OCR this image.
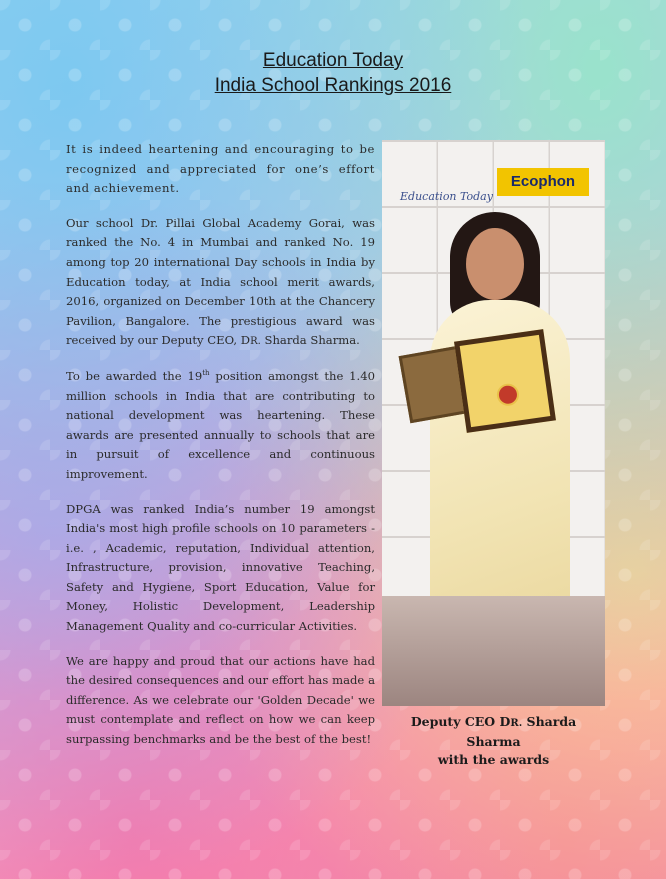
Education Today
India School Rankings 2016

It is indeed heartening and encouraging to be recognized and appreciated for one’s effort and achievement.

Our school Dr. Pillai Global Academy Gorai, was ranked the No. 4 in Mumbai and ranked No. 19 among top 20 international Day schools in India by Education today, at India school merit awards, 2016, organized on December 10th at the Chancery Pavilion, Bangalore. The prestigious award was received by our Deputy CEO, DR. Sharda Sharma.

To be awarded the 19th position amongst the 1.40 million schools in India that are contributing to national development was heartening. These awards are presented annually to schools that are in pursuit of excellence and continuous improvement.

DPGA was ranked India’s number 19 amongst India's most high profile schools on 10 parameters -i.e. , Academic, reputation, Individual attention, Infrastructure, provision, innovative Teaching, Safety and Hygiene, Sport Education, Value for Money, Holistic Development, Leadership Management Quality and co-curricular Activities.

We are happy and proud that our actions have had the desired consequences and our effort has made a difference. As we celebrate our 'Golden Decade' we must contemplate and reflect on how we can keep surpassing benchmarks and be the best of the best!

Education Today
Ecophon
Deputy CEO DR. Sharda Sharma
with the awards
